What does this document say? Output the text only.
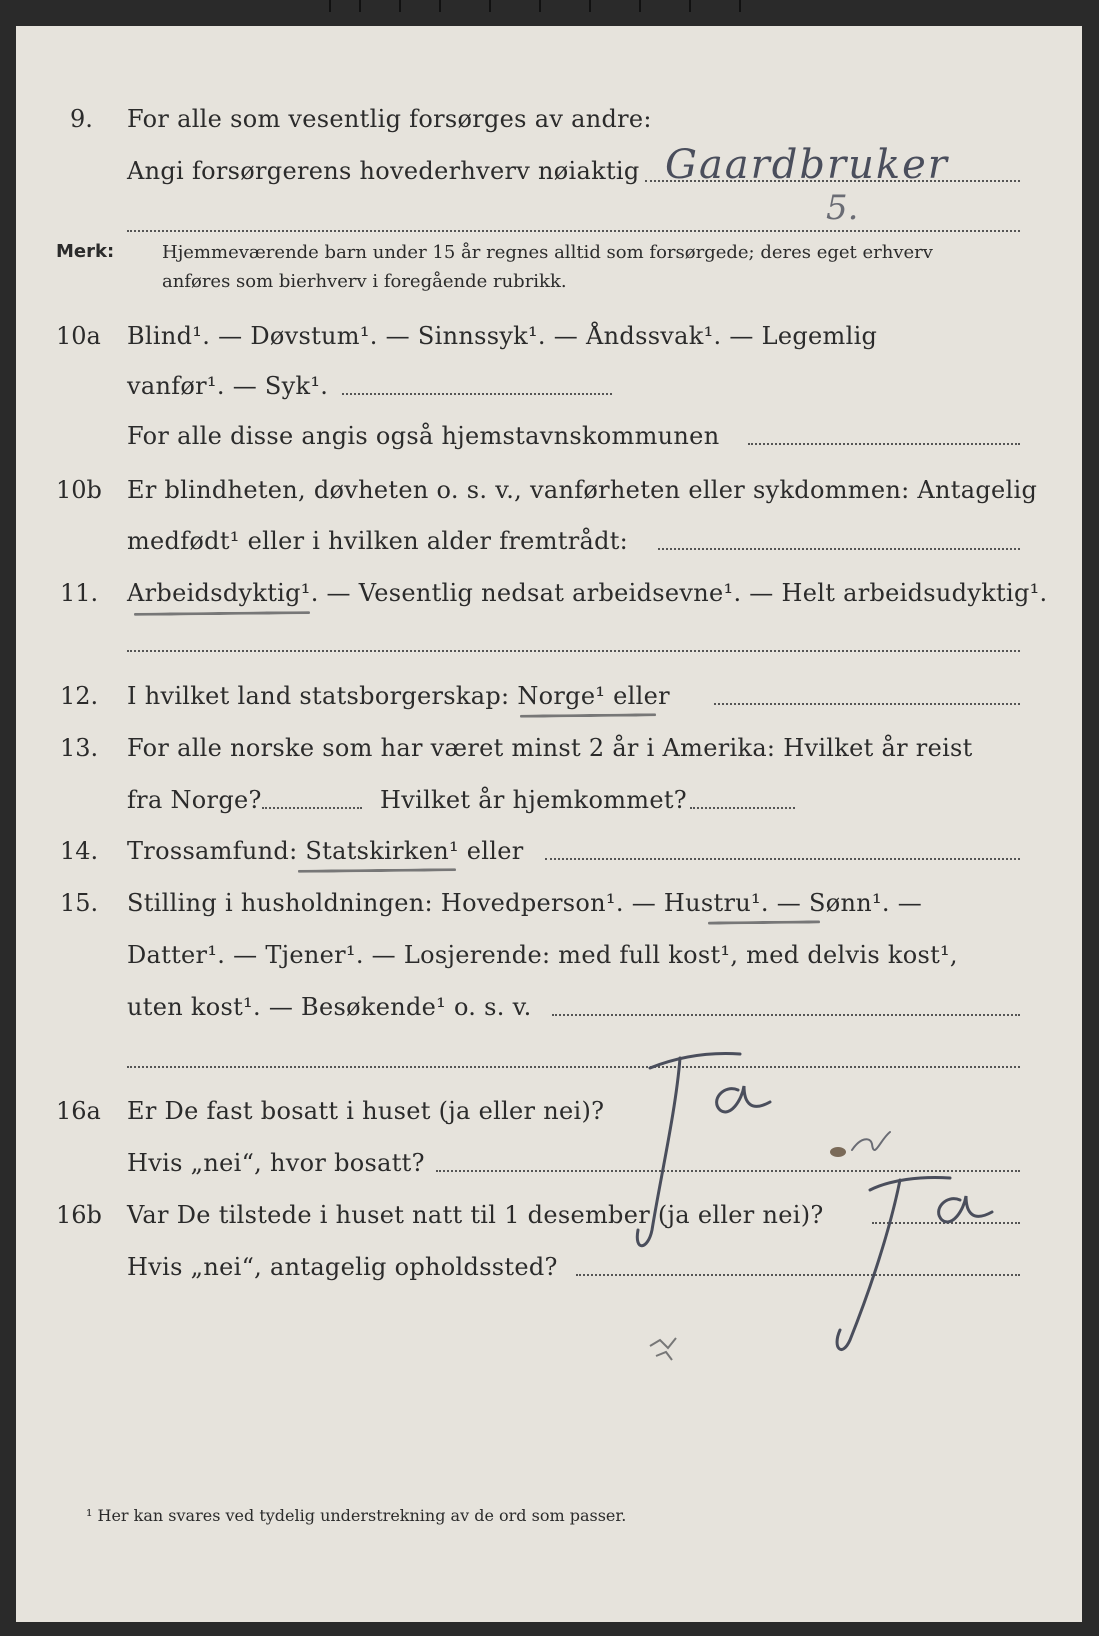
9. For alle som vesentlig forsørges av andre:
Angi forsørgerens hovederhverv nøiaktig Gaardbruker
5.
Merk:	Hjemmeværende barn under 15 år regnes alltid som forsørgede; deres eget erhverv
anføres som bierhverv i foregående rubrikk.
10a Blind¹. — Døvstum¹. — Sinnssyk¹. — Åndssvak¹. — Legemlig
vanfør¹. — Syk¹.
For alle disse angis også hjemstavnskommunen
10b Er blindheten, døvheten o. s. v., vanførheten eller sykdommen: Antagelig
medfødt¹ eller i hvilken alder fremtrådt:
11. Arbeidsdyktig¹. — Vesentlig nedsat arbeidsevne¹. — Helt arbeidsudyktig¹.
12. I hvilket land statsborgerskap: Norge¹ eller
13. For alle norske som har været minst 2 år i Amerika: Hvilket år reist
fra Norge?	Hvilket år hjemkommet?
14. Trossamfund: Statskirken¹ eller
15. Stilling i husholdningen: Hovedperson¹. — Hustru¹. — Sønn¹. —
Datter¹. — Tjener¹. — Losjerende: med full kost¹, med delvis kost¹,
uten kost¹. — Besøkende¹ o. s. v.
16a Er De fast bosatt i huset (ja eller nei)?
Hvis „nei“, hvor bosatt?
16b Var De tilstede i huset natt til 1 desember (ja eller nei)?
Hvis „nei“, antagelig opholdssted?
¹ Her kan svares ved tydelig understrekning av de ord som passer.
